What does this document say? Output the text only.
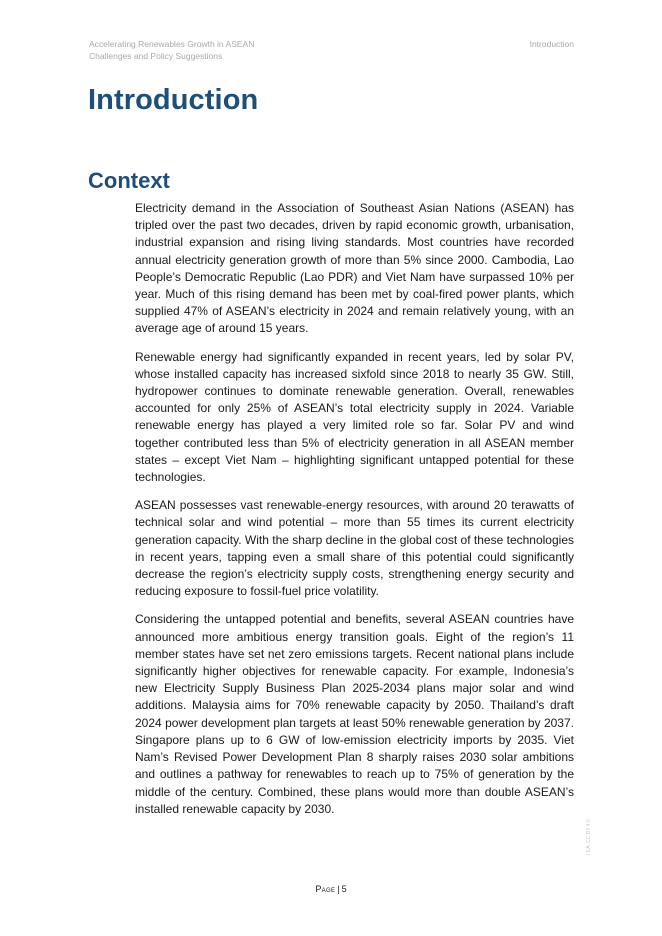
Accelerating Renewables Growth in ASEAN
Challenges and Policy Suggestions
Introduction
Introduction
Context

Electricity demand in the Association of Southeast Asian Nations (ASEAN) has tripled over the past two decades, driven by rapid economic growth, urbanisation, industrial expansion and rising living standards. Most countries have recorded annual electricity generation growth of more than 5% since 2000. Cambodia, Lao People’s Democratic Republic (Lao PDR) and Viet Nam have surpassed 10% per year. Much of this rising demand has been met by coal-fired power plants, which supplied 47% of ASEAN’s electricity in 2024 and remain relatively young, with an average age of around 15 years.

Renewable energy had significantly expanded in recent years, led by solar PV, whose installed capacity has increased sixfold since 2018 to nearly 35 GW. Still, hydropower continues to dominate renewable generation. Overall, renewables accounted for only 25% of ASEAN’s total electricity supply in 2024. Variable renewable energy has played a very limited role so far. Solar PV and wind together contributed less than 5% of electricity generation in all ASEAN member states – except Viet Nam – highlighting significant untapped potential for these technologies.

ASEAN possesses vast renewable-energy resources, with around 20 terawatts of technical solar and wind potential – more than 55 times its current electricity generation capacity. With the sharp decline in the global cost of these technologies in recent years, tapping even a small share of this potential could significantly decrease the region’s electricity supply costs, strengthening energy security and reducing exposure to fossil-fuel price volatility.

Considering the untapped potential and benefits, several ASEAN countries have announced more ambitious energy transition goals. Eight of the region’s 11 member states have set net zero emissions targets. Recent national plans include significantly higher objectives for renewable capacity. For example, Indonesia’s new Electricity Supply Business Plan 2025-2034 plans major solar and wind additions. Malaysia aims for 70% renewable capacity by 2050. Thailand’s draft 2024 power development plan targets at least 50% renewable generation by 2037. Singapore plans up to 6 GW of low-emission electricity imports by 2035. Viet Nam’s Revised Power Development Plan 8 sharply raises 2030 solar ambitions and outlines a pathway for renewables to reach up to 75% of generation by the middle of the century. Combined, these plans would more than double ASEAN’s installed renewable capacity by 2030.

I EA. CC BY 4.0
Page | 5
